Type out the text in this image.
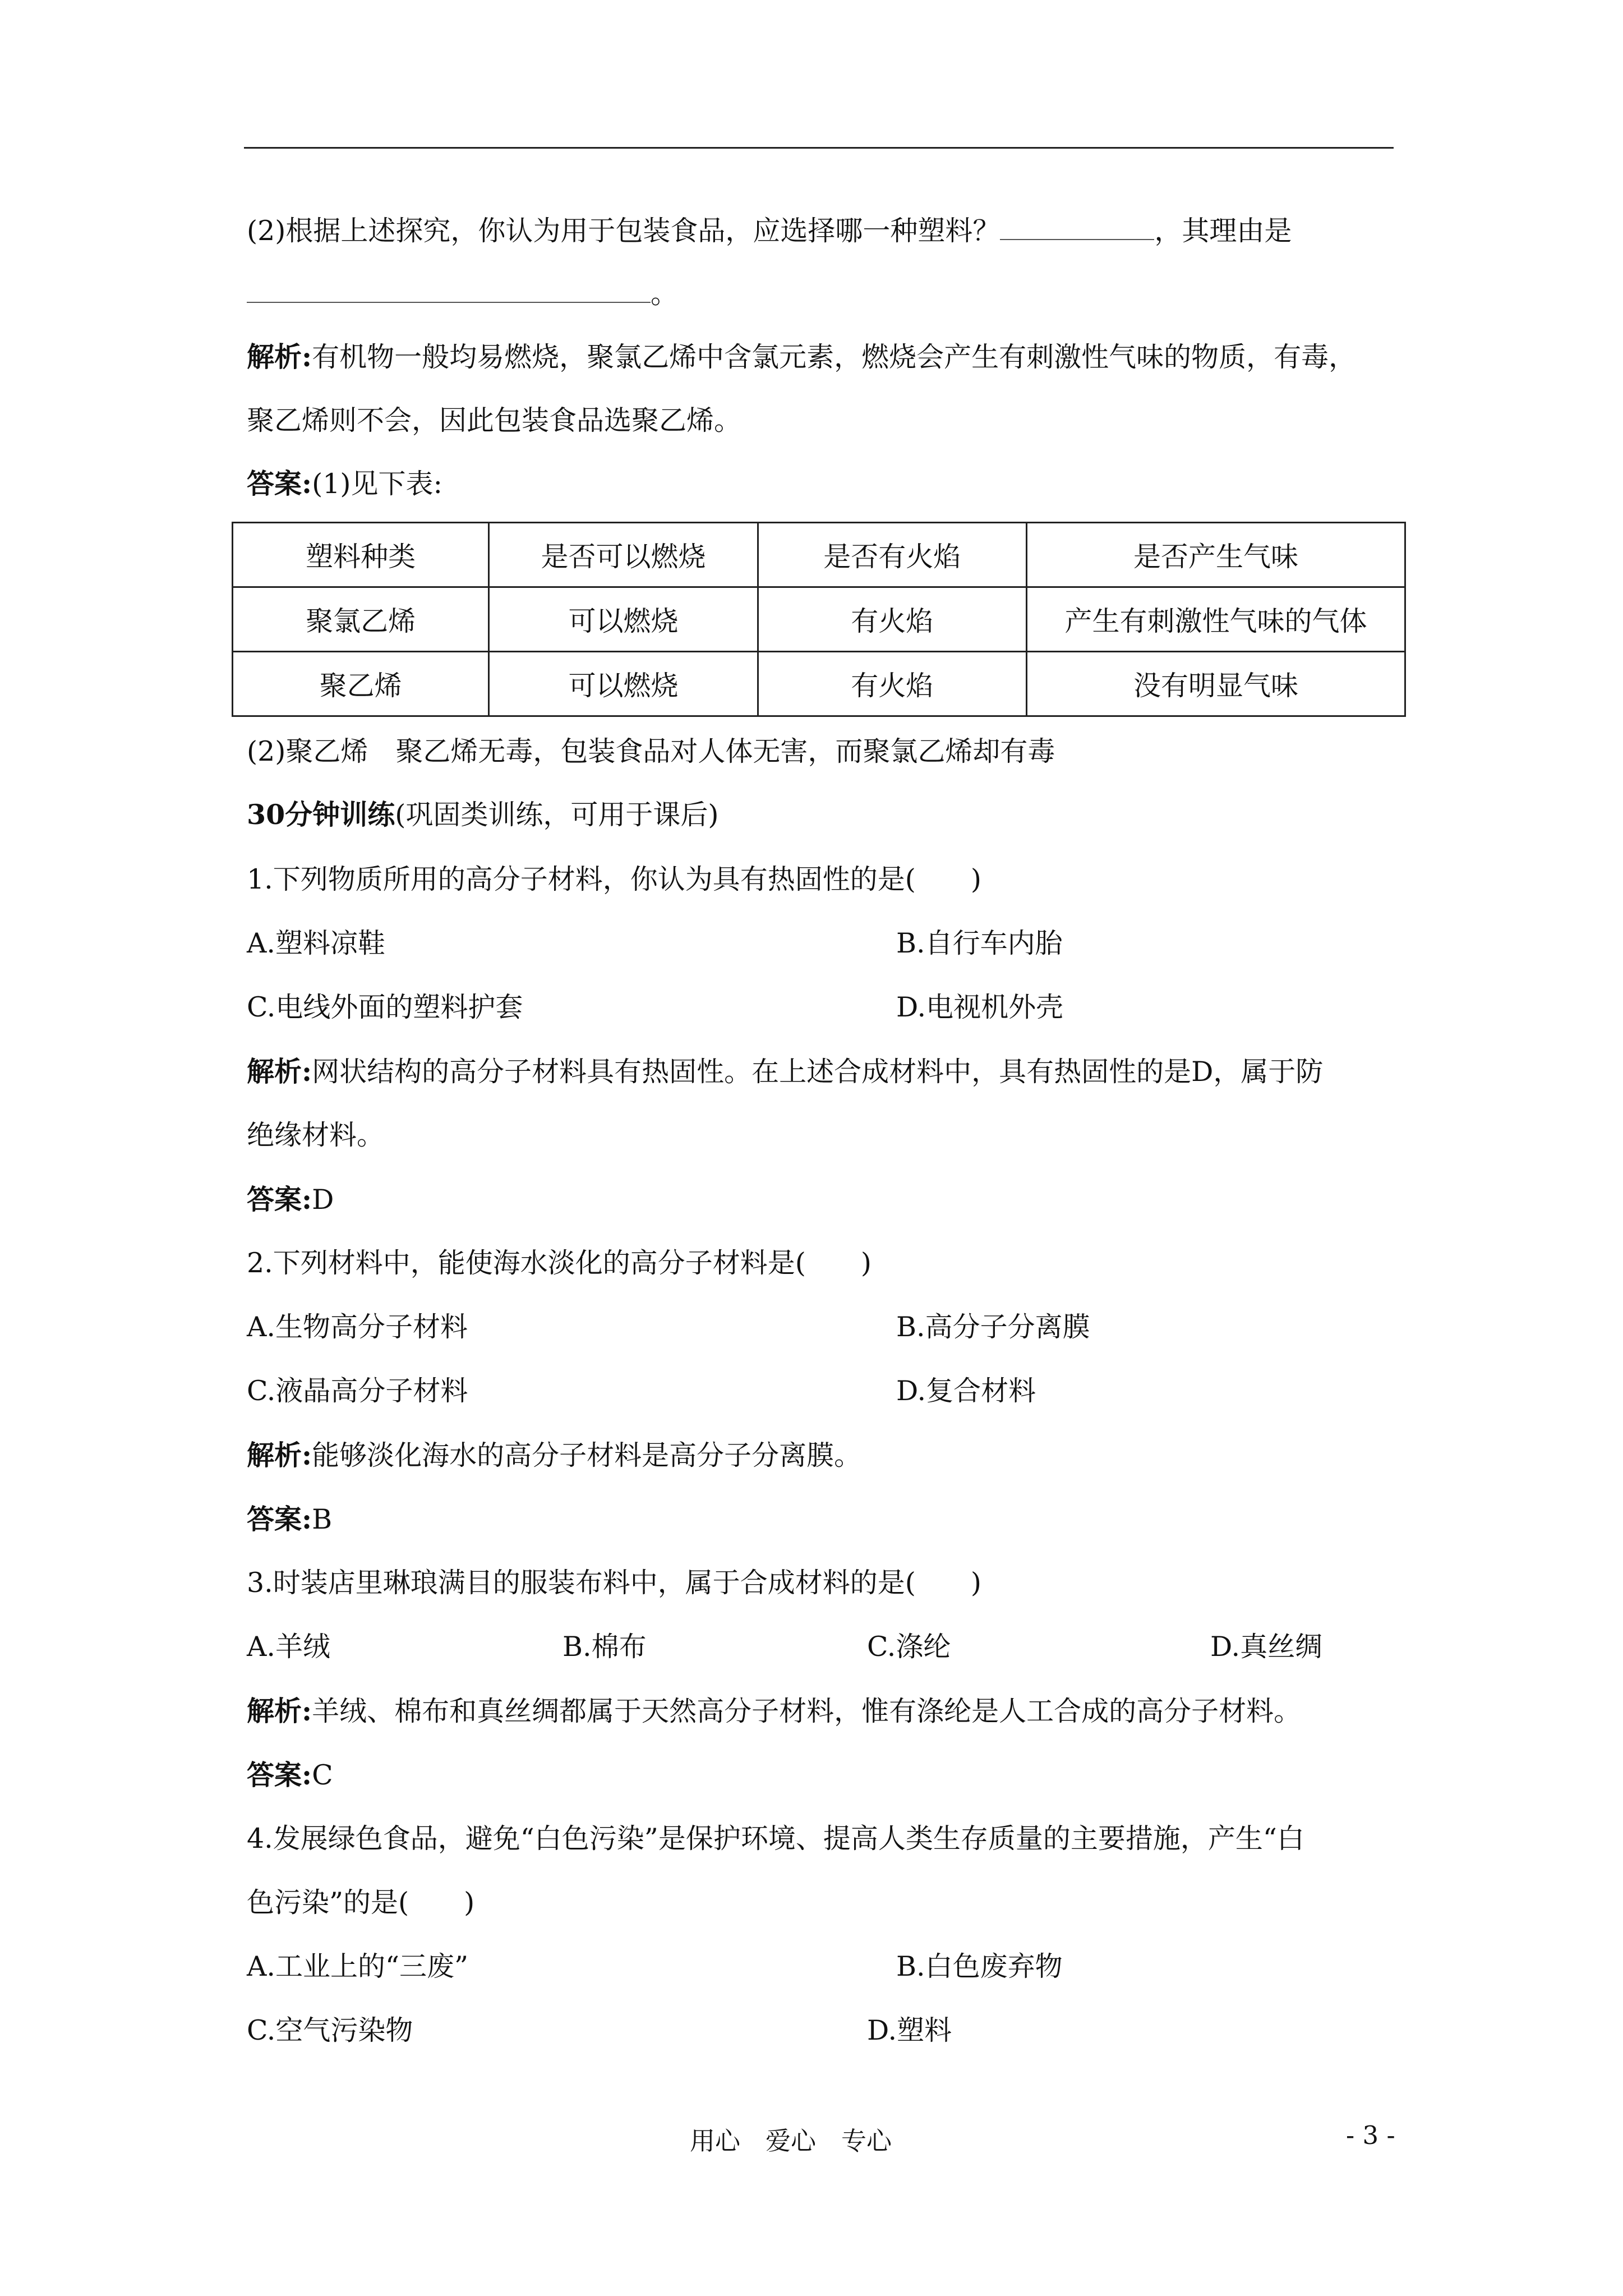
(2)根据上述探究，你认为用于包装食品，应选择哪一种塑料？	，其理由是
。
解析:有机物一般均易燃烧，聚氯乙烯中含氯元素，燃烧会产生有刺激性气味的物质，有毒，
聚乙烯则不会，因此包装食品选聚乙烯。
答案:(1)见下表:
塑料种类	是否可以燃烧	是否有火焰	是否产生气味
聚氯乙烯	可以燃烧	有火焰	产生有刺激性气味的气体
聚乙烯	可以燃烧	有火焰	没有明显气味
(2)聚乙烯　聚乙烯无毒，包装食品对人体无害，而聚氯乙烯却有毒
30分钟训练(巩固类训练，可用于课后)
1.下列物质所用的高分子材料，你认为具有热固性的是(　　)
A.塑料凉鞋	B.自行车内胎
C.电线外面的塑料护套	D.电视机外壳
解析:网状结构的高分子材料具有热固性。在上述合成材料中，具有热固性的是D，属于防
绝缘材料。
答案:D
2.下列材料中，能使海水淡化的高分子材料是(　　)
A.生物高分子材料	B.高分子分离膜
C.液晶高分子材料	D.复合材料
解析:能够淡化海水的高分子材料是高分子分离膜。
答案:B
3.时装店里琳琅满目的服装布料中，属于合成材料的是(　　)
A.羊绒	B.棉布	C.涤纶	D.真丝绸
解析:羊绒、棉布和真丝绸都属于天然高分子材料，惟有涤纶是人工合成的高分子材料。
答案:C
4.发展绿色食品，避免“白色污染”是保护环境、提高人类生存质量的主要措施，产生“白
色污染”的是(　　)
A.工业上的“三废”	B.白色废弃物
C.空气污染物	D.塑料
用心　爱心　专心	- 3 -
